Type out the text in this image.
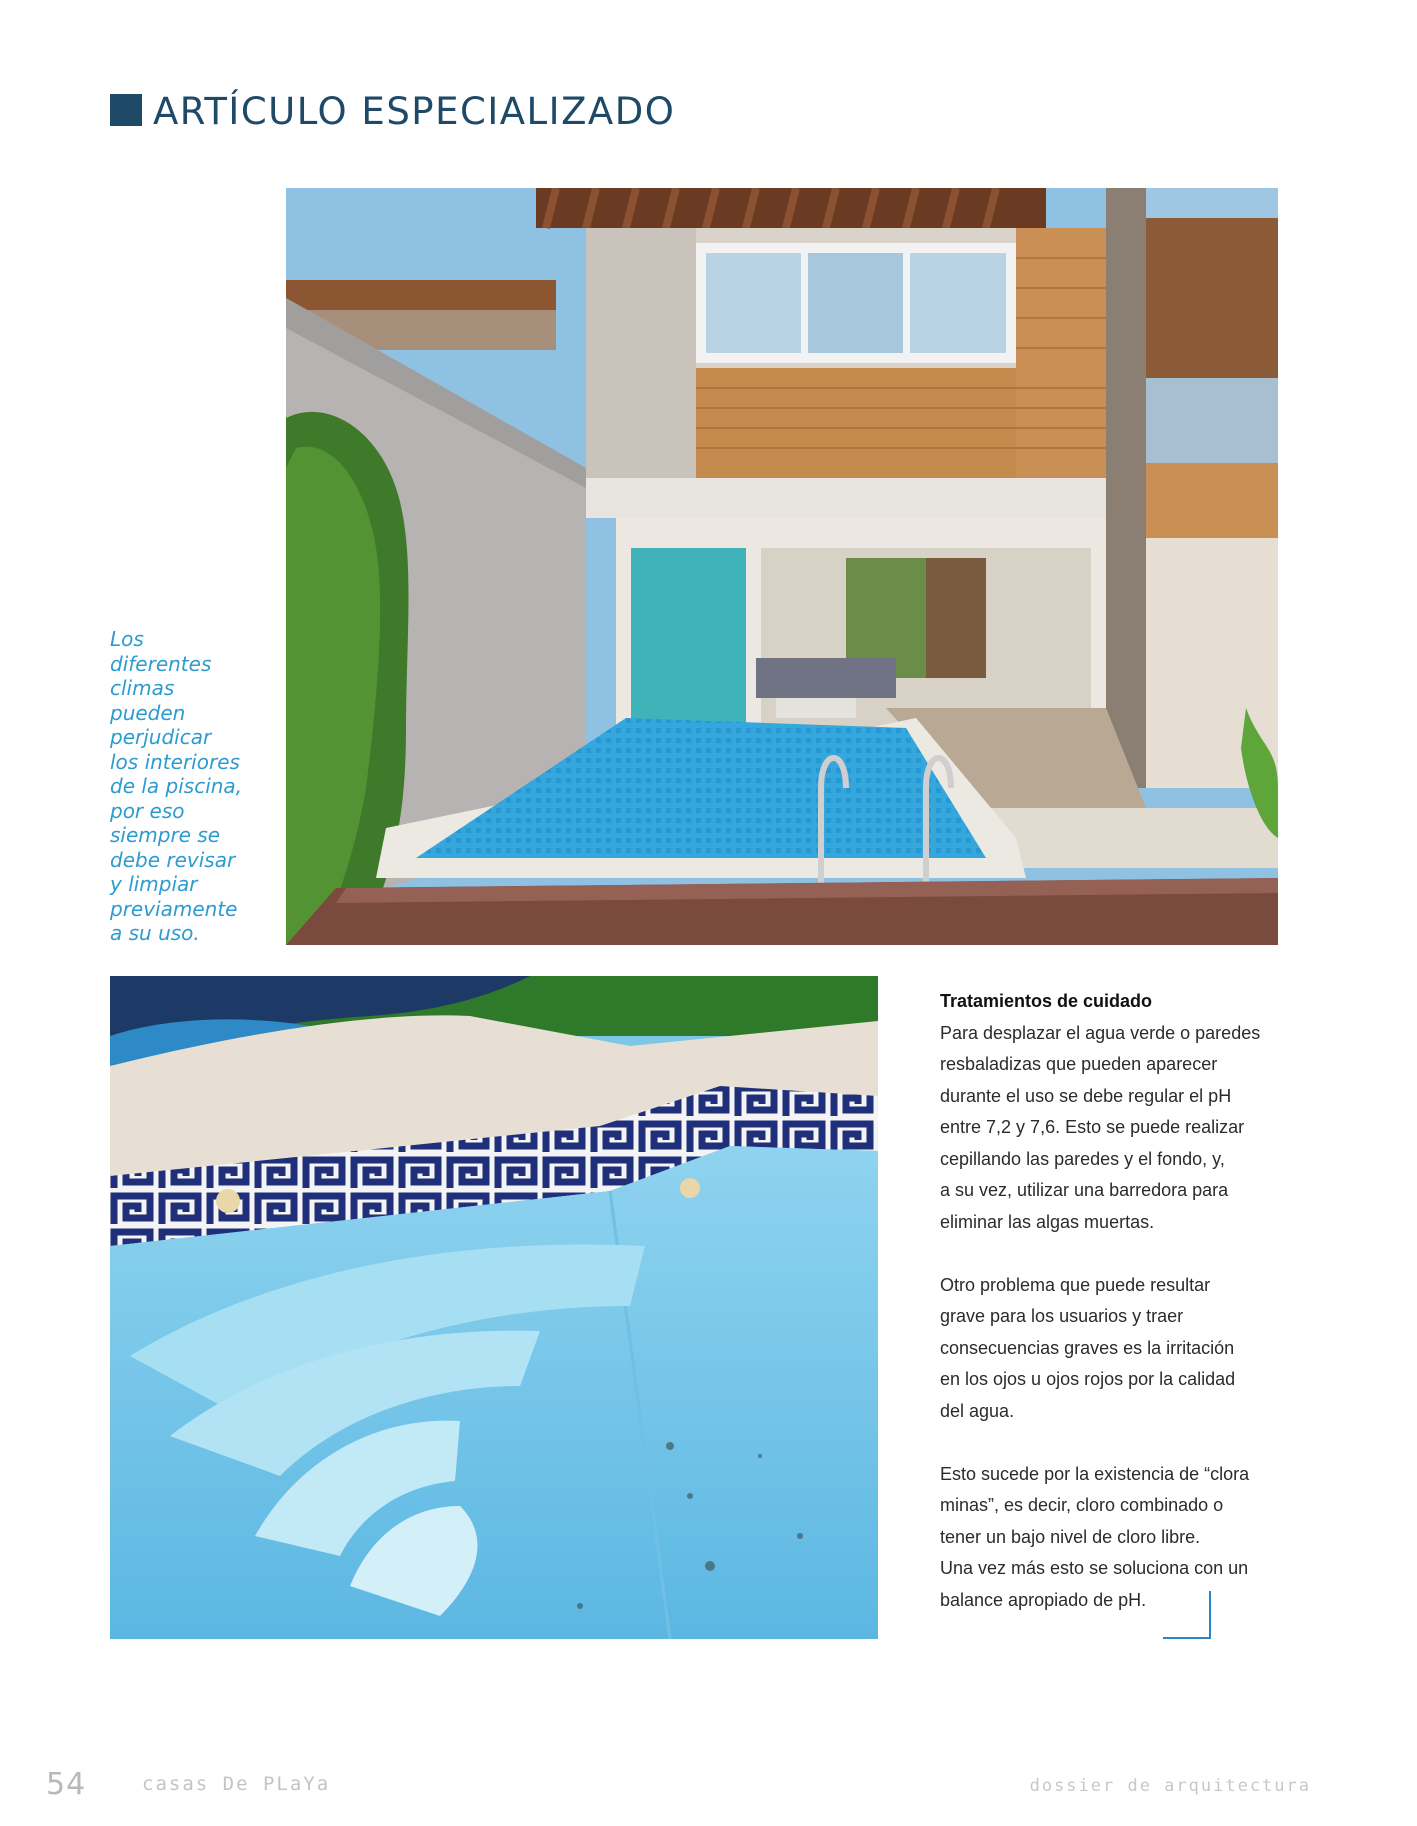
ARTÍCULO ESPECIALIZADO

Los
diferentes
climas
pueden
perjudicar
los interiores
de la piscina,
por eso
siempre se
debe revisar
y limpiar
previamente
a su uso.

Tratamientos de cuidado

Para desplazar el agua verde o paredes
resbaladizas que pueden aparecer
durante el uso se debe regular el pH
entre 7,2 y 7,6. Esto se puede realizar
cepillando las paredes y el fondo, y,
a su vez, utilizar una barredora para
eliminar las algas muertas.

Otro problema que puede resultar
grave para los usuarios y traer
consecuencias graves es la irritación
en los ojos u ojos rojos por la calidad
del agua.

Esto sucede por la existencia de “clora
minas”, es decir, cloro combinado o
tener un bajo nivel de cloro libre.
Una vez más esto se soluciona con un
balance apropiado de pH.

54	casas De PLaYa	dossier de arquitectura
